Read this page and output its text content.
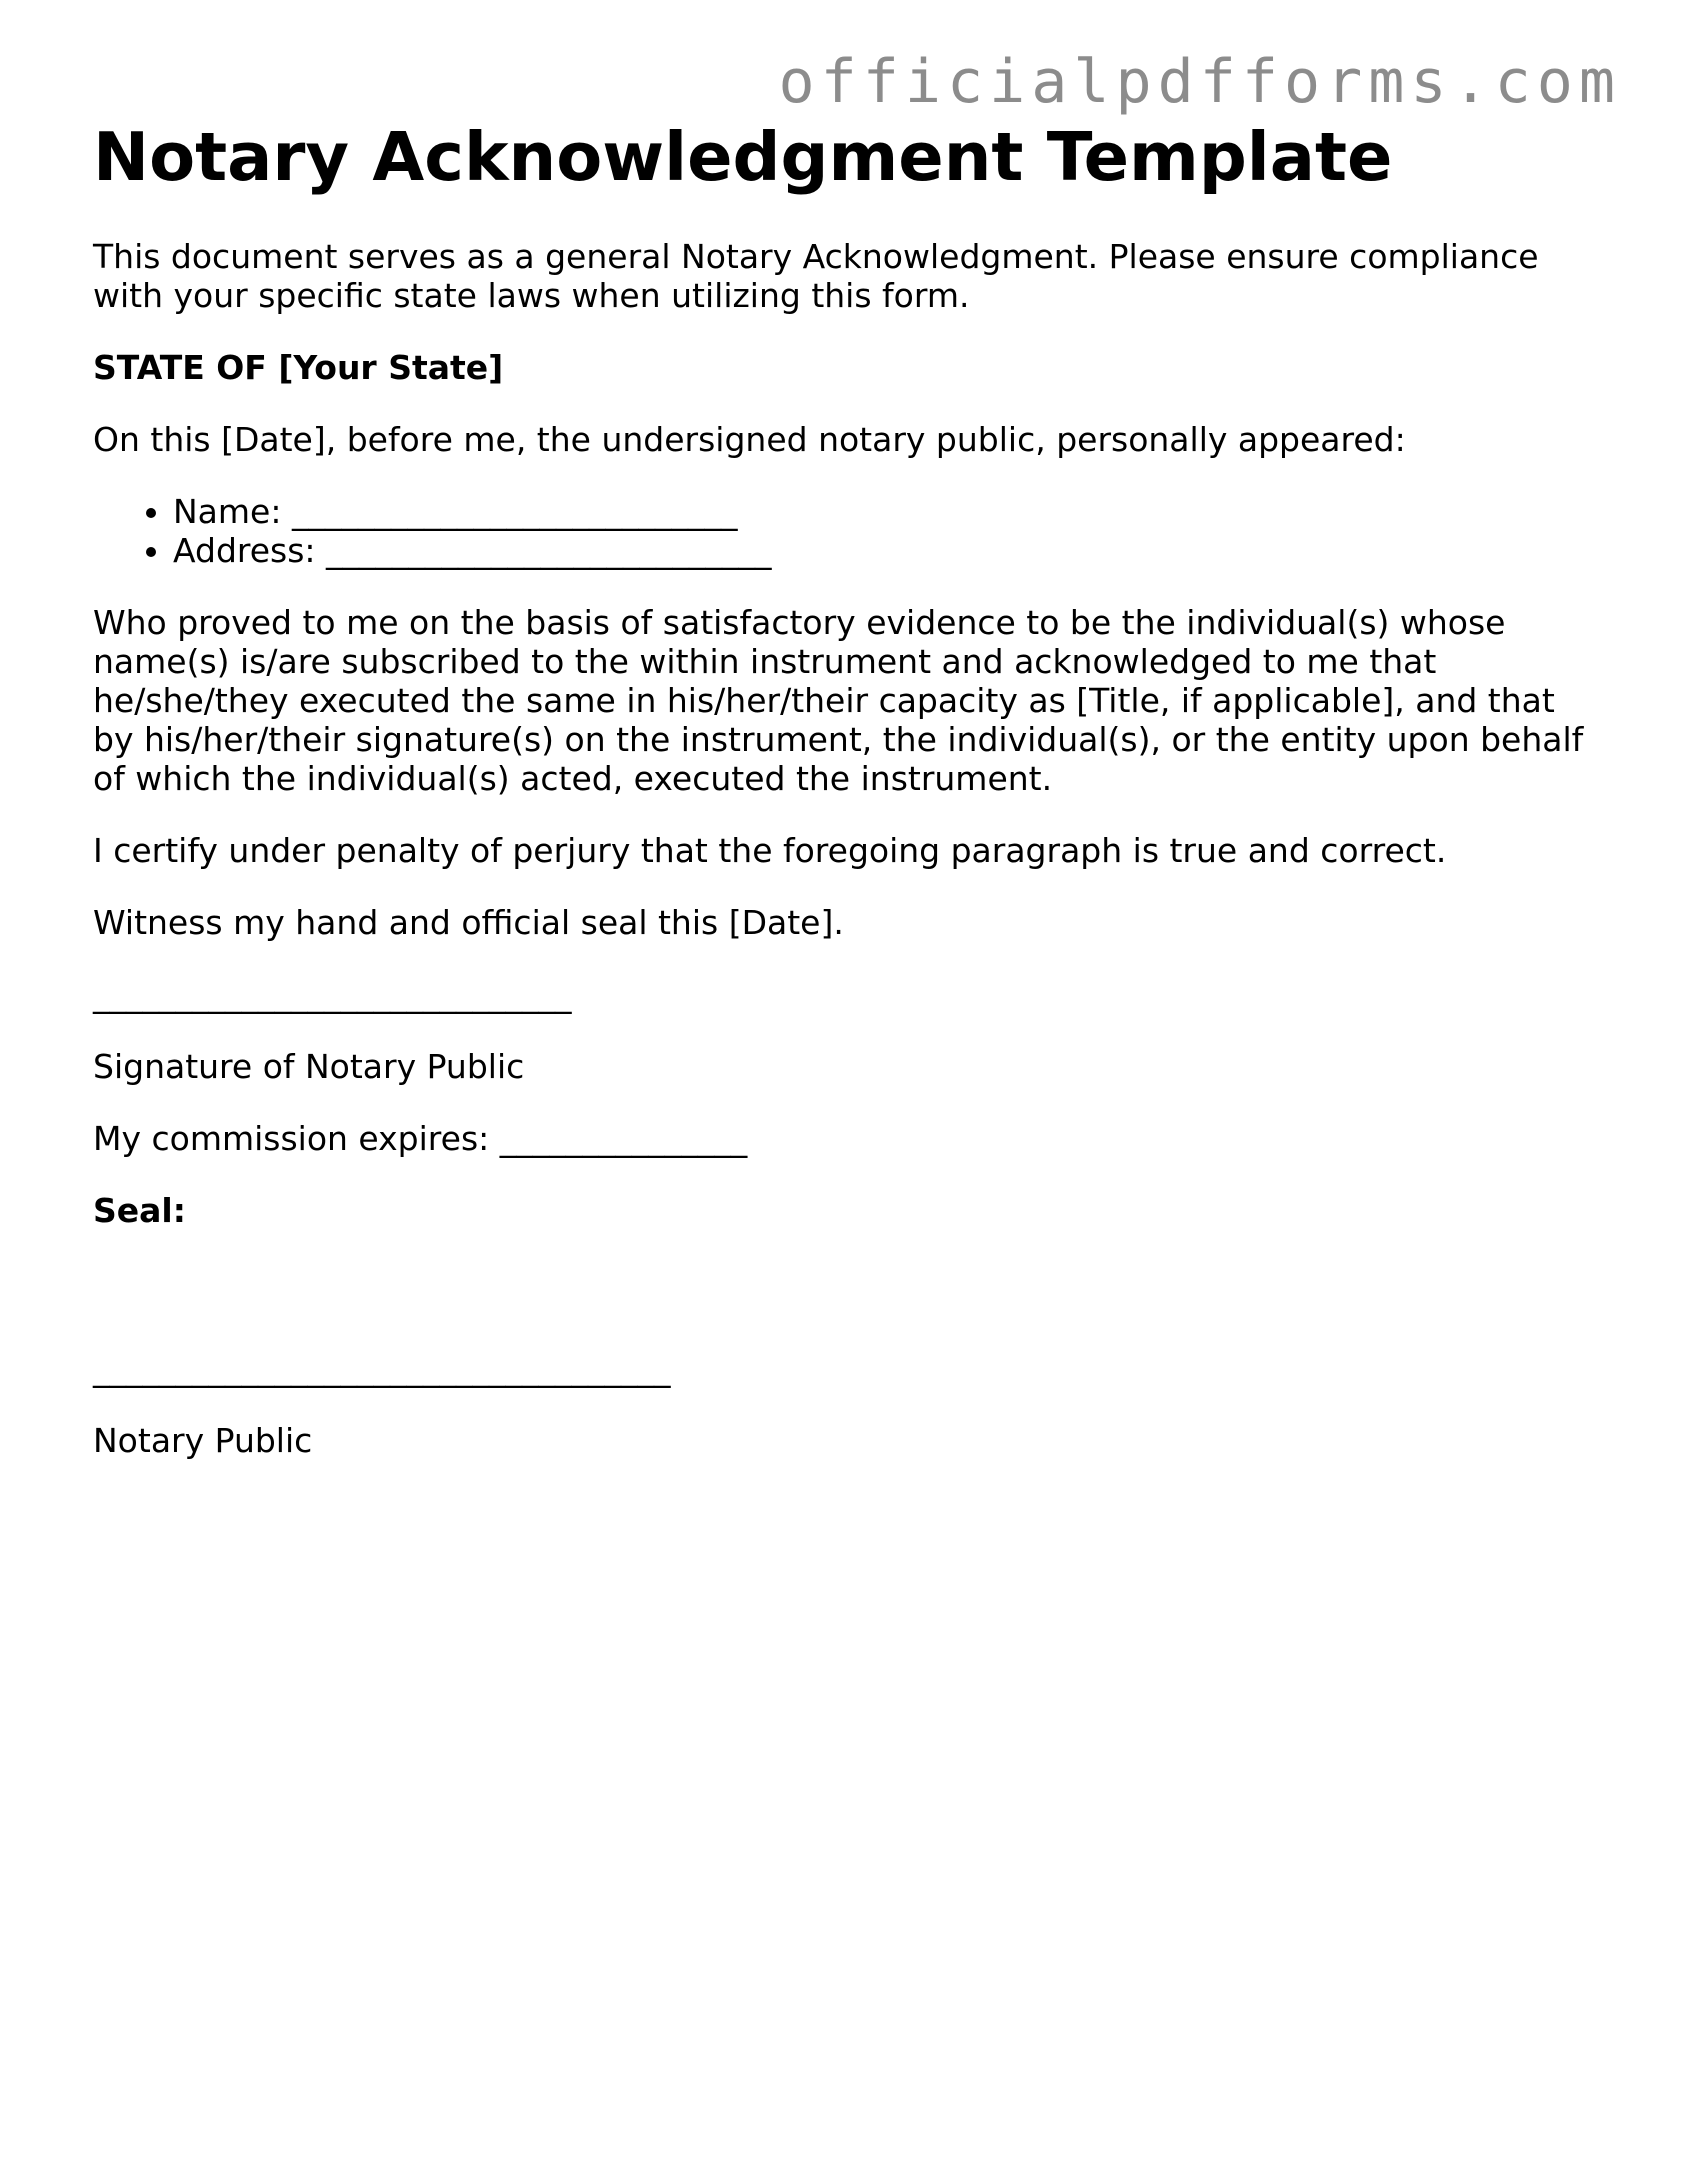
officialpdfforms.com
Notary Acknowledgment Template

This document serves as a general Notary Acknowledgment. Please ensure compliance with your specific state laws when utilizing this form.

STATE OF [Your State]

On this [Date], before me, the undersigned notary public, personally appeared:

• Name: ___________________________
• Address: ___________________________

Who proved to me on the basis of satisfactory evidence to be the individual(s) whose name(s) is/are subscribed to the within instrument and acknowledged to me that he/she/they executed the same in his/her/their capacity as [Title, if applicable], and that by his/her/their signature(s) on the instrument, the individual(s), or the entity upon behalf of which the individual(s) acted, executed the instrument.

I certify under penalty of perjury that the foregoing paragraph is true and correct.

Witness my hand and official seal this [Date].

_____________________________

Signature of Notary Public

My commission expires: _______________

Seal:

___________________________________

Notary Public
